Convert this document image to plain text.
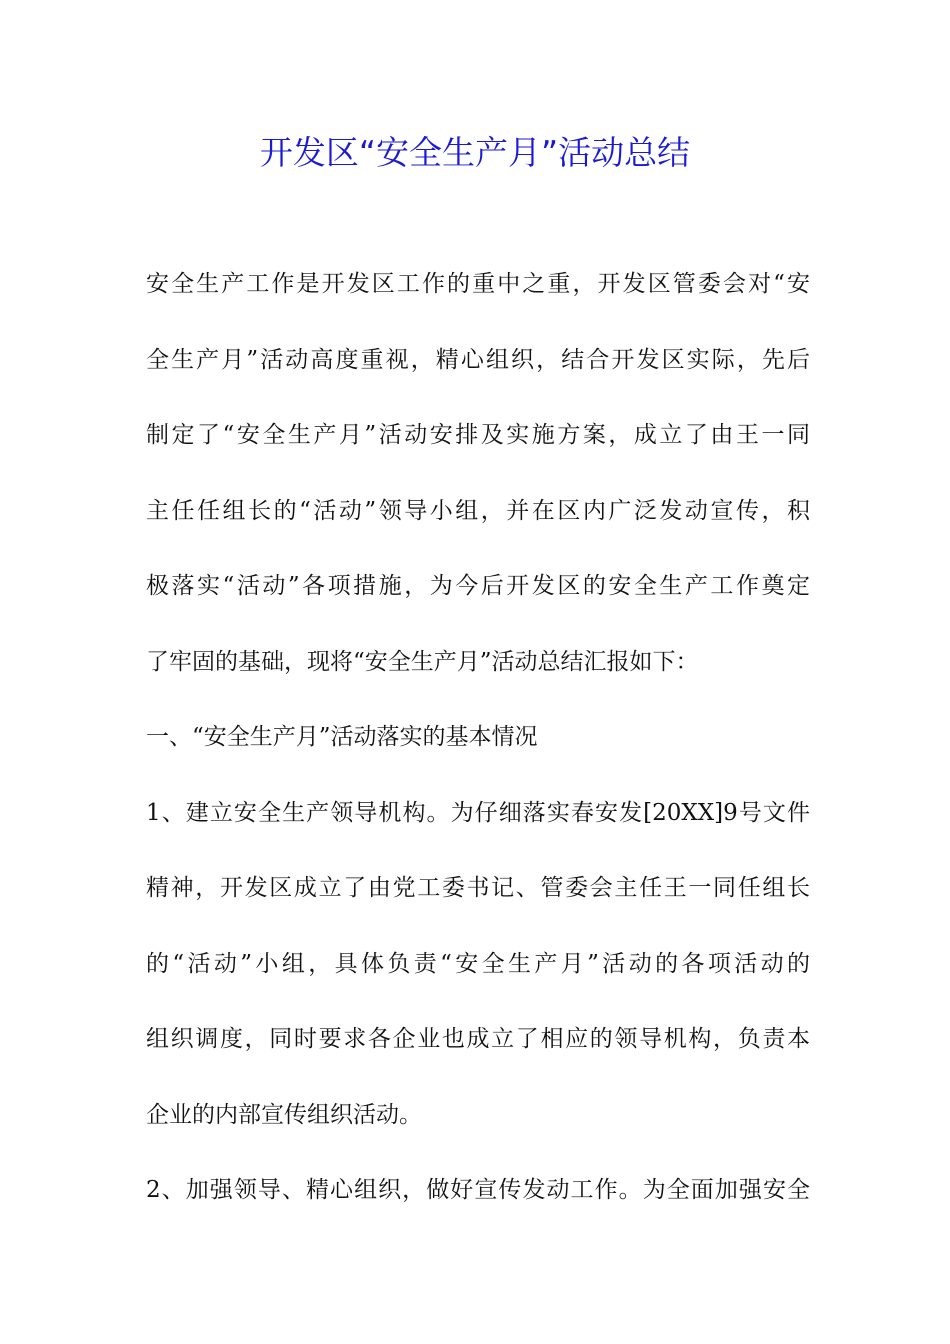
开发区“安全生产月”活动总结
安全生产工作是开发区工作的重中之重，开发区管委会对“安
全生产月”活动高度重视，精心组织，结合开发区实际，先后
制定了“安全生产月”活动安排及实施方案，成立了由王一同
主任任组长的“活动”领导小组，并在区内广泛发动宣传，积
极落实“活动”各项措施，为今后开发区的安全生产工作奠定
了牢固的基础，现将“安全生产月”活动总结汇报如下：
一、“安全生产月”活动落实的基本情况
1、建立安全生产领导机构。为仔细落实春安发[20XX]9号文件
精神，开发区成立了由党工委书记、管委会主任王一同任组长
的“活动”小组，具体负责“安全生产月”活动的各项活动的
组织调度，同时要求各企业也成立了相应的领导机构，负责本
企业的内部宣传组织活动。
2、加强领导、精心组织，做好宣传发动工作。为全面加强安全
